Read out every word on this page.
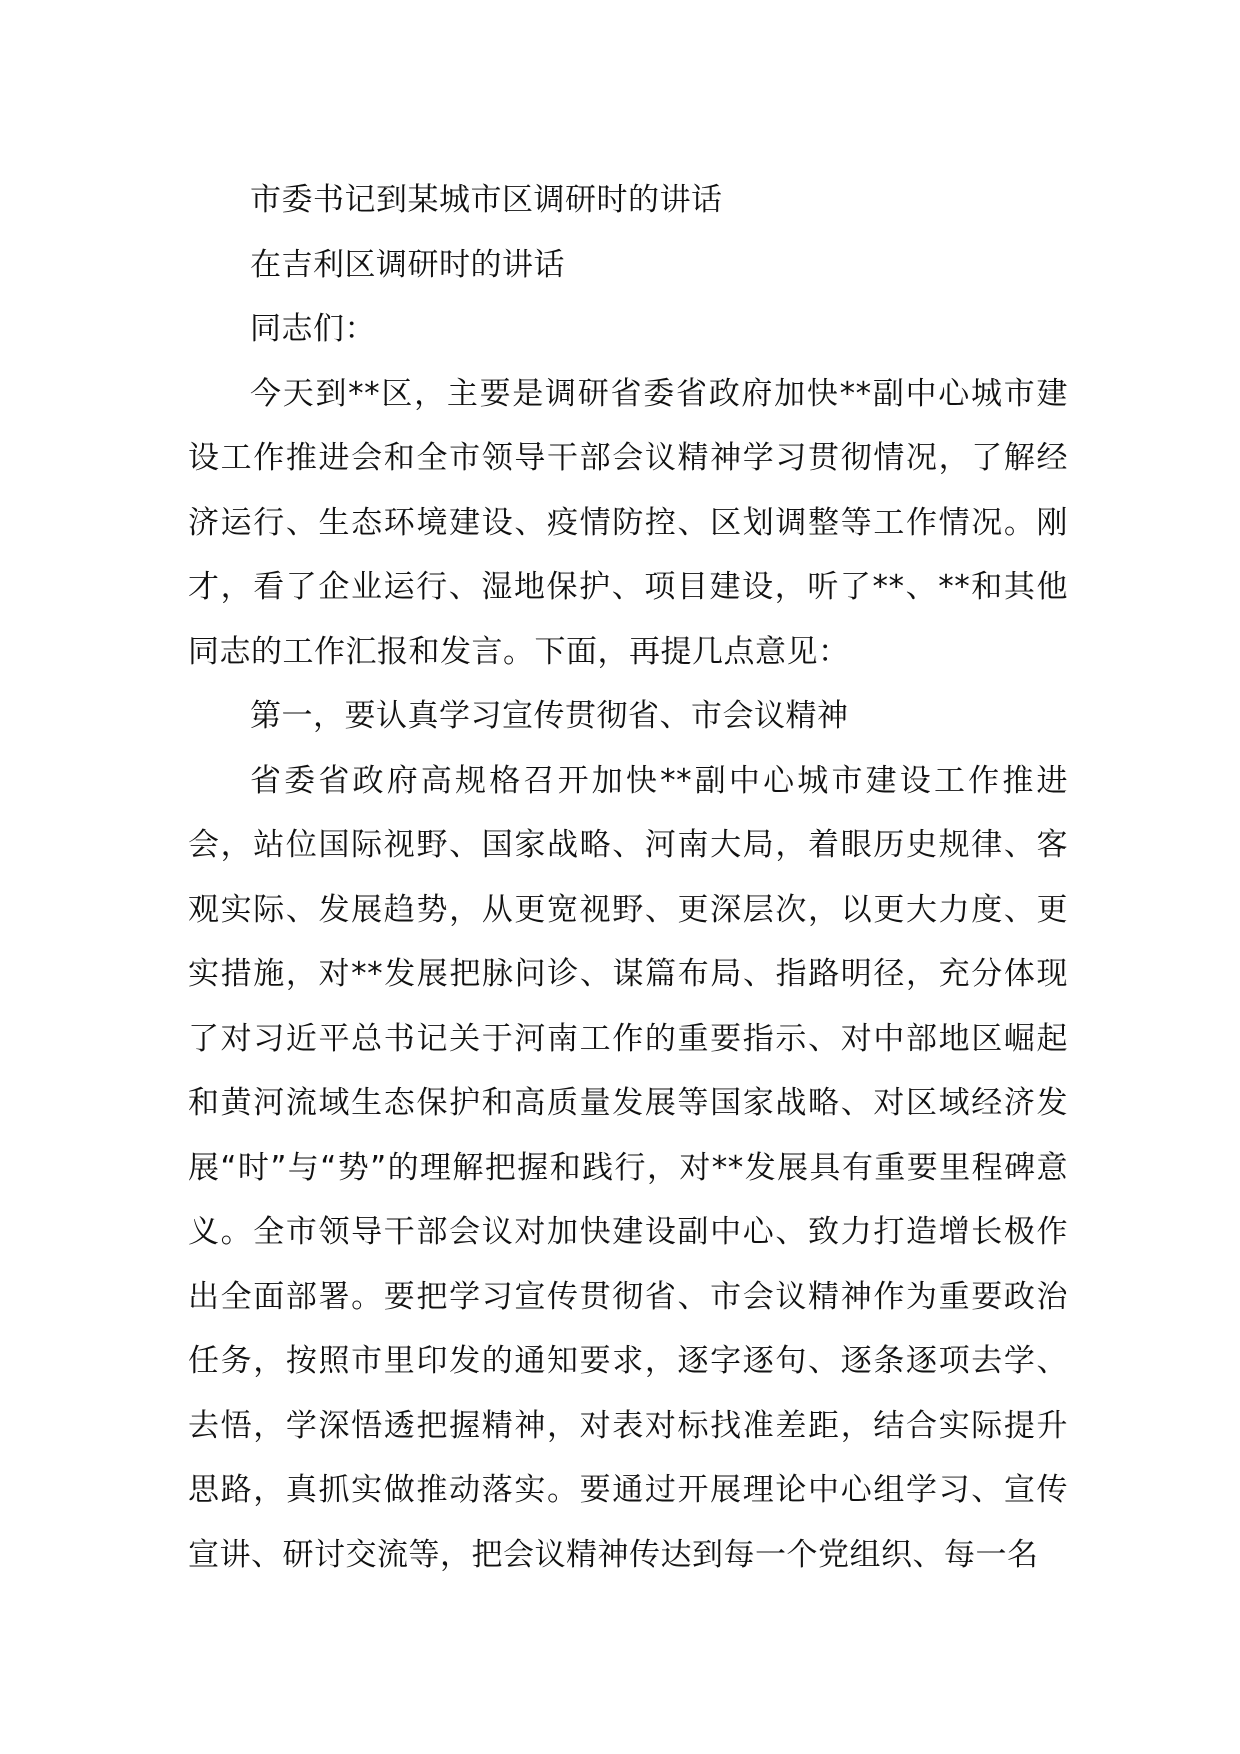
市委书记到某城市区调研时的讲话

在吉利区调研时的讲话

同志们：

今天到**区，主要是调研省委省政府加快**副中心城市建设工作推进会和全市领导干部会议精神学习贯彻情况，了解经济运行、生态环境建设、疫情防控、区划调整等工作情况。刚才，看了企业运行、湿地保护、项目建设，听了**、**和其他同志的工作汇报和发言。下面，再提几点意见：

第一，要认真学习宣传贯彻省、市会议精神

省委省政府高规格召开加快**副中心城市建设工作推进会，站位国际视野、国家战略、河南大局，着眼历史规律、客观实际、发展趋势，从更宽视野、更深层次，以更大力度、更实措施，对**发展把脉问诊、谋篇布局、指路明径，充分体现了对习近平总书记关于河南工作的重要指示、对中部地区崛起和黄河流域生态保护和高质量发展等国家战略、对区域经济发展“时”与“势”的理解把握和践行，对**发展具有重要里程碑意义。全市领导干部会议对加快建设副中心、致力打造增长极作出全面部署。要把学习宣传贯彻省、市会议精神作为重要政治任务，按照市里印发的通知要求，逐字逐句、逐条逐项去学、去悟，学深悟透把握精神，对表对标找准差距，结合实际提升思路，真抓实做推动落实。要通过开展理论中心组学习、宣传宣讲、研讨交流等，把会议精神传达到每一个党组织、每一名
